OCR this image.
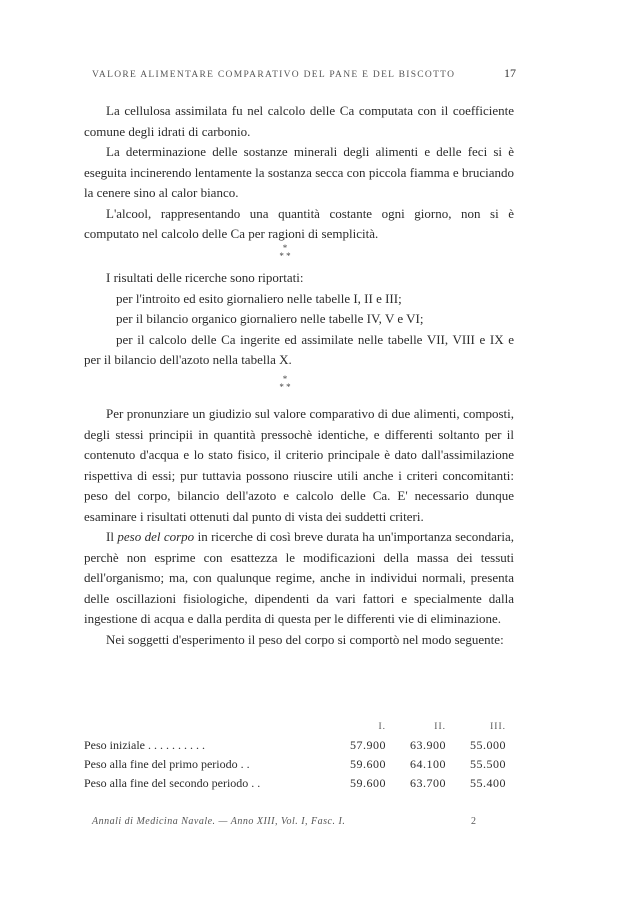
VALORE ALIMENTARE COMPARATIVO DEL PANE E DEL BISCOTTO	17

La cellulosa assimilata fu nel calcolo delle Ca computata con il coefficiente comune degli idrati di carbonio.

La determinazione delle sostanze minerali degli alimenti e delle feci si è eseguita incinerendo lentamente la sostanza secca con piccola fiamma e bruciando la cenere sino al calor bianco.

L'alcool, rappresentando una quantità costante ogni giorno, non si è computato nel calcolo delle Ca per ragioni di semplicità.

*
* *

I risultati delle ricerche sono riportati:

per l'introito ed esito giornaliero nelle tabelle I, II e III;

per il bilancio organico giornaliero nelle tabelle IV, V e VI;

per il calcolo delle Ca ingerite ed assimilate nelle tabelle VII, VIII e IX e per il bilancio dell'azoto nella tabella X.

*
* *

Per pronunziare un giudizio sul valore comparativo di due alimenti, composti, degli stessi principii in quantità pressochè identiche, e differenti soltanto per il contenuto d'acqua e lo stato fisico, il criterio principale è dato dall'assimilazione rispettiva di essi; pur tuttavia possono riuscire utili anche i criteri concomitanti: peso del corpo, bilancio dell'azoto e calcolo delle Ca. E' necessario dunque esaminare i risultati ottenuti dal punto di vista dei suddetti criteri.

Il peso del corpo in ricerche di così breve durata ha un'importanza secondaria, perchè non esprime con esattezza le modificazioni della massa dei tessuti dell'organismo; ma, con qualunque regime, anche in individui normali, presenta delle oscillazioni fisiologiche, dipendenti da vari fattori e specialmente dalla ingestione di acqua e dalla perdita di questa per le differenti vie di eliminazione.

Nei soggetti d'esperimento il peso del corpo si comportò nel modo seguente:

	I.	II.	III.
Peso iniziale . . . . . . . . . .	57.900	63.900	55.000
Peso alla fine del primo periodo . .	59.600	64.100	55.500
Peso alla fine del secondo periodo . .	59.600	63.700	55.400
Annali di Medicina Navale. — Anno XIII, Vol. I, Fasc. I.	2
